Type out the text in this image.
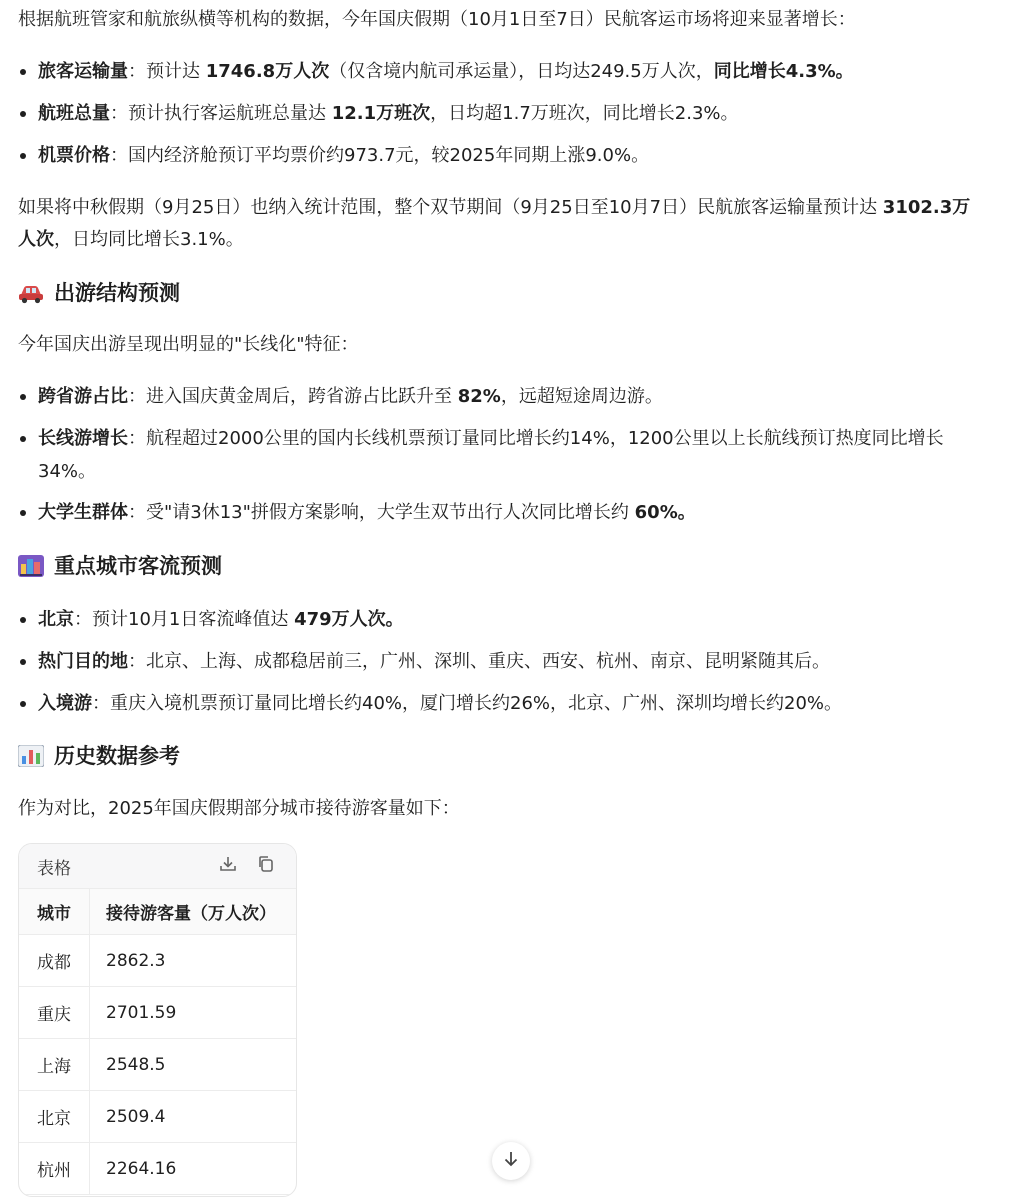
根据航班管家和航旅纵横等机构的数据，今年国庆假期（10月1日至7日）民航客运市场将迎来显著增长：

旅客运输量：预计达 1746.8万人次（仅含境内航司承运量），日均达249.5万人次，同比增长4.3%。
航班总量：预计执行客运航班总量达 12.1万班次，日均超1.7万班次，同比增长2.3%。
机票价格：国内经济舱预订平均票价约973.7元，较2025年同期上涨9.0%。

如果将中秋假期（9月25日）也纳入统计范围，整个双节期间（9月25日至10月7日）民航旅客运输量预计达 3102.3万人次，日均同比增长3.1%。

出游结构预测

今年国庆出游呈现出明显的"长线化"特征：

跨省游占比：进入国庆黄金周后，跨省游占比跃升至 82%，远超短途周边游。
长线游增长：航程超过2000公里的国内长线机票预订量同比增长约14%，1200公里以上长航线预订热度同比增长34%。
大学生群体：受"请3休13"拼假方案影响，大学生双节出行人次同比增长约 60%。
重点城市客流预测
北京：预计10月1日客流峰值达 479万人次。
热门目的地：北京、上海、成都稳居前三，广州、深圳、重庆、西安、杭州、南京、昆明紧随其后。
入境游：重庆入境机票预订量同比增长约40%，厦门增长约26%，北京、广州、深圳均增长约20%。
历史数据参考

作为对比，2025年国庆假期部分城市接待游客量如下：

表格
城市	接待游客量（万人次）
成都	2862.3
重庆	2701.59
上海	2548.5
北京	2509.4
杭州	2264.16
